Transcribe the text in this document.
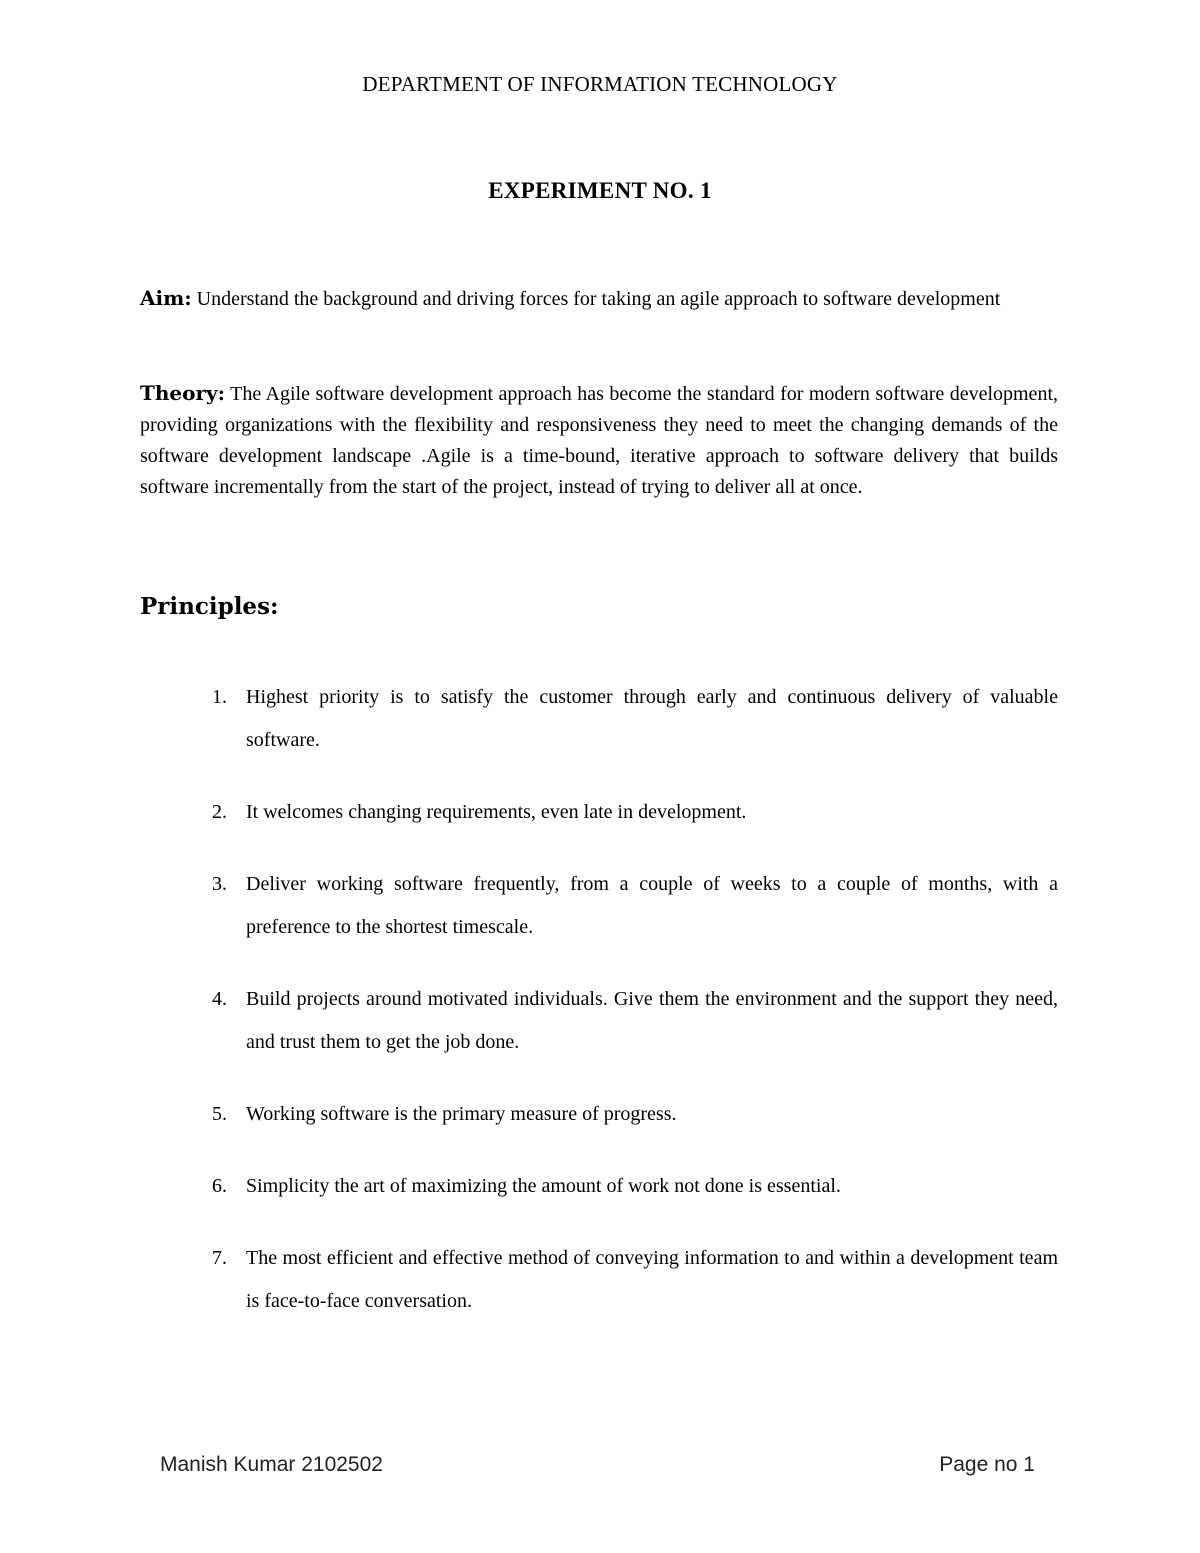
DEPARTMENT OF INFORMATION TECHNOLOGY
EXPERIMENT NO. 1
Aim: Understand the background and driving forces for taking an agile approach to software development
Theory: The Agile software development approach has become the standard for modern software development, providing organizations with the flexibility and responsiveness they need to meet the changing demands of the software development landscape .Agile is a time-bound, iterative approach to software delivery that builds software incrementally from the start of the project, instead of trying to deliver all at once.
Principles:
1. Highest priority is to satisfy the customer through early and continuous delivery of valuable software.
2. It welcomes changing requirements, even late in development.
3. Deliver working software frequently, from a couple of weeks to a couple of months, with a preference to the shortest timescale.
4. Build projects around motivated individuals. Give them the environment and the support they need, and trust them to get the job done.
5. Working software is the primary measure of progress.
6. Simplicity the art of maximizing the amount of work not done is essential.
7. The most efficient and effective method of conveying information to and within a development team is face-to-face conversation.
Manish Kumar 2102502	Page no 1
